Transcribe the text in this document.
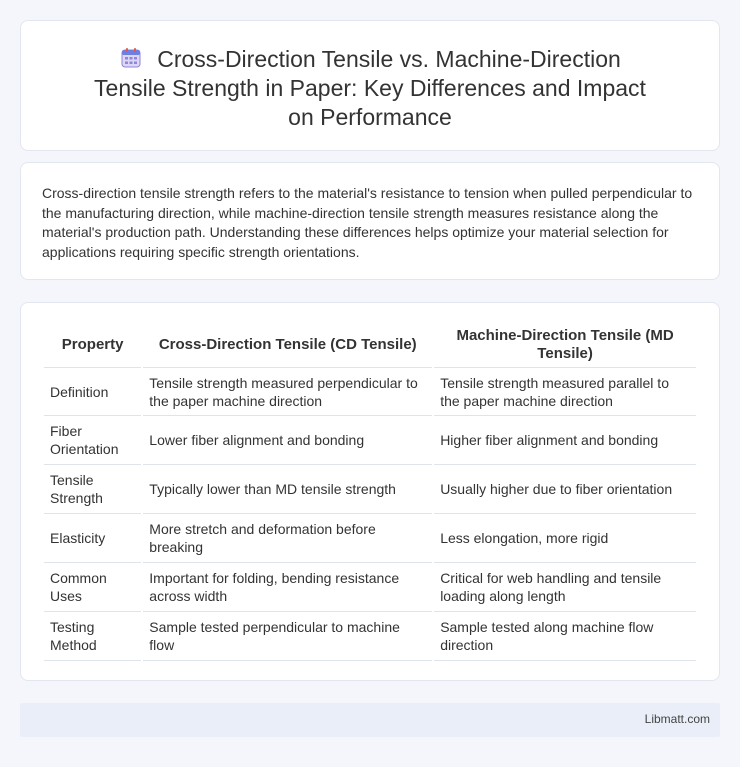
Cross-Direction Tensile vs. Machine-Direction Tensile Strength in Paper: Key Differences and Impact on Performance

Cross-direction tensile strength refers to the material's resistance to tension when pulled perpendicular to the manufacturing direction, while machine-direction tensile strength measures resistance along the material's production path. Understanding these differences helps optimize your material selection for applications requiring specific strength orientations.

Property	Cross-Direction Tensile (CD Tensile)	Machine-Direction Tensile (MD Tensile)
Definition	Tensile strength measured perpendicular to the paper machine direction	Tensile strength measured parallel to the paper machine direction
Fiber Orientation	Lower fiber alignment and bonding	Higher fiber alignment and bonding
Tensile Strength	Typically lower than MD tensile strength	Usually higher due to fiber orientation
Elasticity	More stretch and deformation before breaking	Less elongation, more rigid
Common Uses	Important for folding, bending resistance across width	Critical for web handling and tensile loading along length
Testing Method	Sample tested perpendicular to machine flow	Sample tested along machine flow direction
Libmatt.com
